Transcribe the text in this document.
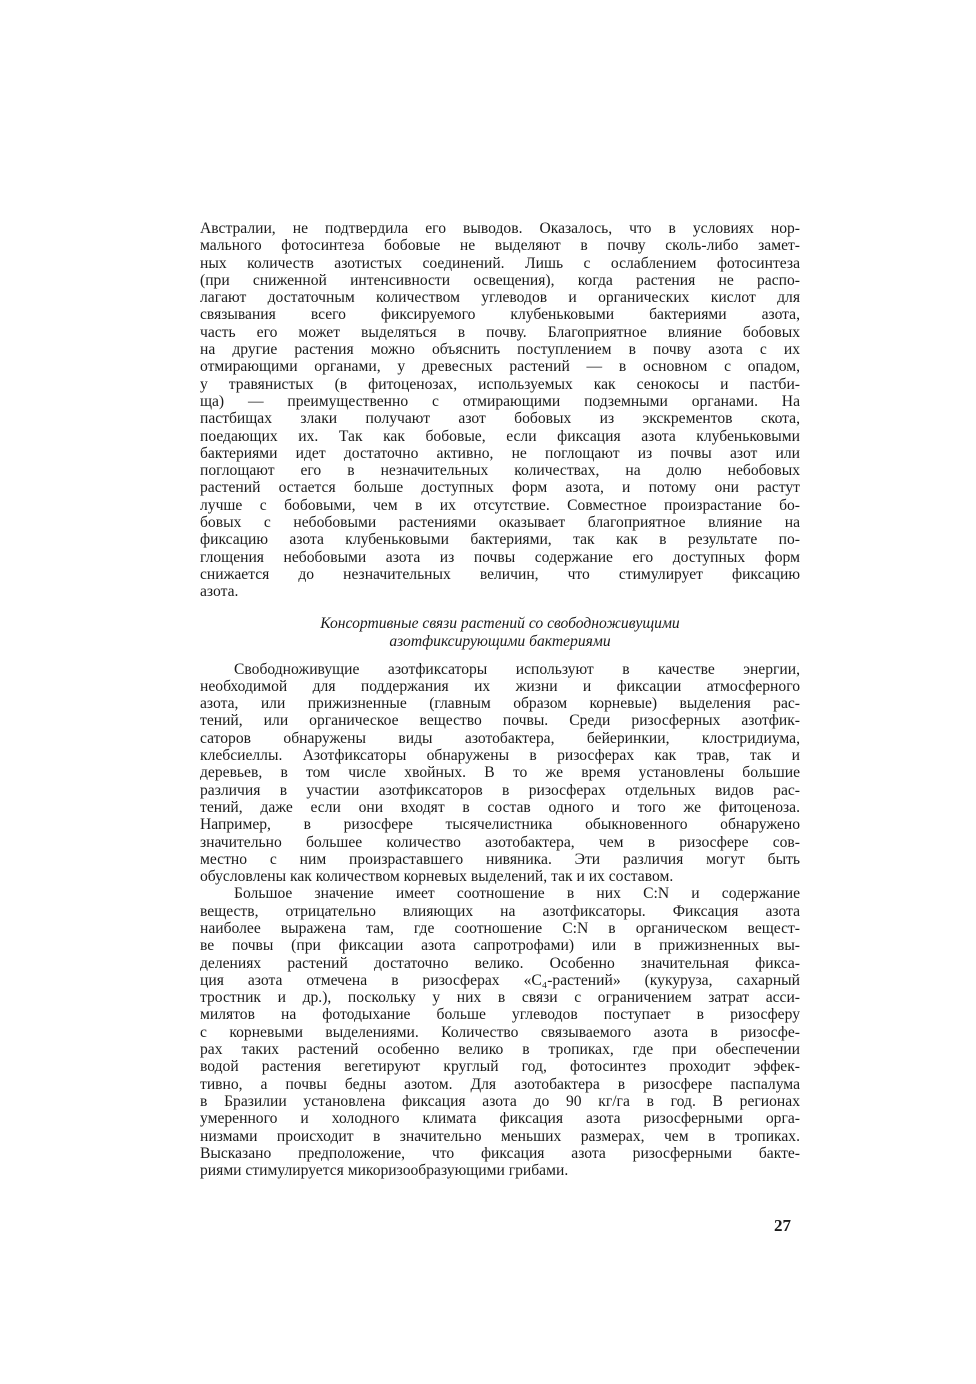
Австралии, не подтвердила его выводов. Оказалось, что в условиях нор-

мального фотосинтеза бобовые не выделяют в почву сколь-либо замет-

ных количеств азотистых соединений. Лишь с ослаблением фотосинтеза

(при сниженной интенсивности освещения), когда растения не распо-

лагают достаточным количеством углеводов и органических кислот для

связывания всего фиксируемого клубеньковыми бактериями азота,

часть его может выделяться в почву. Благоприятное влияние бобовых

на другие растения можно объяснить поступлением в почву азота с их

отмирающими органами, у древесных растений — в основном с опадом,

у травянистых (в фитоценозах, используемых как сенокосы и пастби-

ща) — преимущественно с отмирающими подземными органами. На

пастбищах злаки получают азот бобовых из экскрементов скота,

поедающих их. Так как бобовые, если фиксация азота клубеньковыми

бактериями идет достаточно активно, не поглощают из почвы азот или

поглощают его в незначительных количествах, на долю небобовых

растений остается больше доступных форм азота, и потому они растут

лучше с бобовыми, чем в их отсутствие. Совместное произрастание бо-

бовых с небобовыми растениями оказывает благоприятное влияние на

фиксацию азота клубеньковыми бактериями, так как в результате по-

глощения небобовыми азота из почвы содержание его доступных форм

снижается до незначительных величин, что стимулирует фиксацию

азота.

Консортивные связи растений со свободноживущими
азотфиксирующими бактериями

Свободноживущие азотфиксаторы используют в качестве энергии,

необходимой для поддержания их жизни и фиксации атмосферного

азота, или прижизненные (главным образом корневые) выделения рас-

тений, или органическое вещество почвы. Среди ризосферных азотфик-

саторов обнаружены виды азотобактера, бейеринкии, клостридиума,

клебсиеллы. Азотфиксаторы обнаружены в ризосферах как трав, так и

деревьев, в том числе хвойных. В то же время установлены большие

различия в участии азотфиксаторов в ризосферах отдельных видов рас-

тений, даже если они входят в состав одного и того же фитоценоза.

Например, в ризосфере тысячелистника обыкновенного обнаружено

значительно большее количество азотобактера, чем в ризосфере сов-

местно с ним произраставшего нивяника. Эти различия могут быть

обусловлены как количеством корневых выделений, так и их составом.

Большое значение имеет соотношение в них C:N и содержание

веществ, отрицательно влияющих на азотфиксаторы. Фиксация азота

наиболее выражена там, где соотношение C:N в органическом вещест-

ве почвы (при фиксации азота сапротрофами) или в прижизненных вы-

делениях растений достаточно велико. Особенно значительная фикса-

ция азота отмечена в ризосферах «C₄-растений» (кукуруза, сахарный

тростник и др.), поскольку у них в связи с ограничением затрат асси-

милятов на фотодыхание больше углеводов поступает в ризосферу

с корневыми выделениями. Количество связываемого азота в ризосфе-

рах таких растений особенно велико в тропиках, где при обеспечении

водой растения вегетируют круглый год, фотосинтез проходит эффек-

тивно, а почвы бедны азотом. Для азотобактера в ризосфере паспалума

в Бразилии установлена фиксация азота до 90 кг/га в год. В регионах

умеренного и холодного климата фиксация азота ризосферными орга-

низмами происходит в значительно меньших размерах, чем в тропиках.

Высказано предположение, что фиксация азота ризосферными бакте-

риями стимулируется микоризообразующими грибами.

27
